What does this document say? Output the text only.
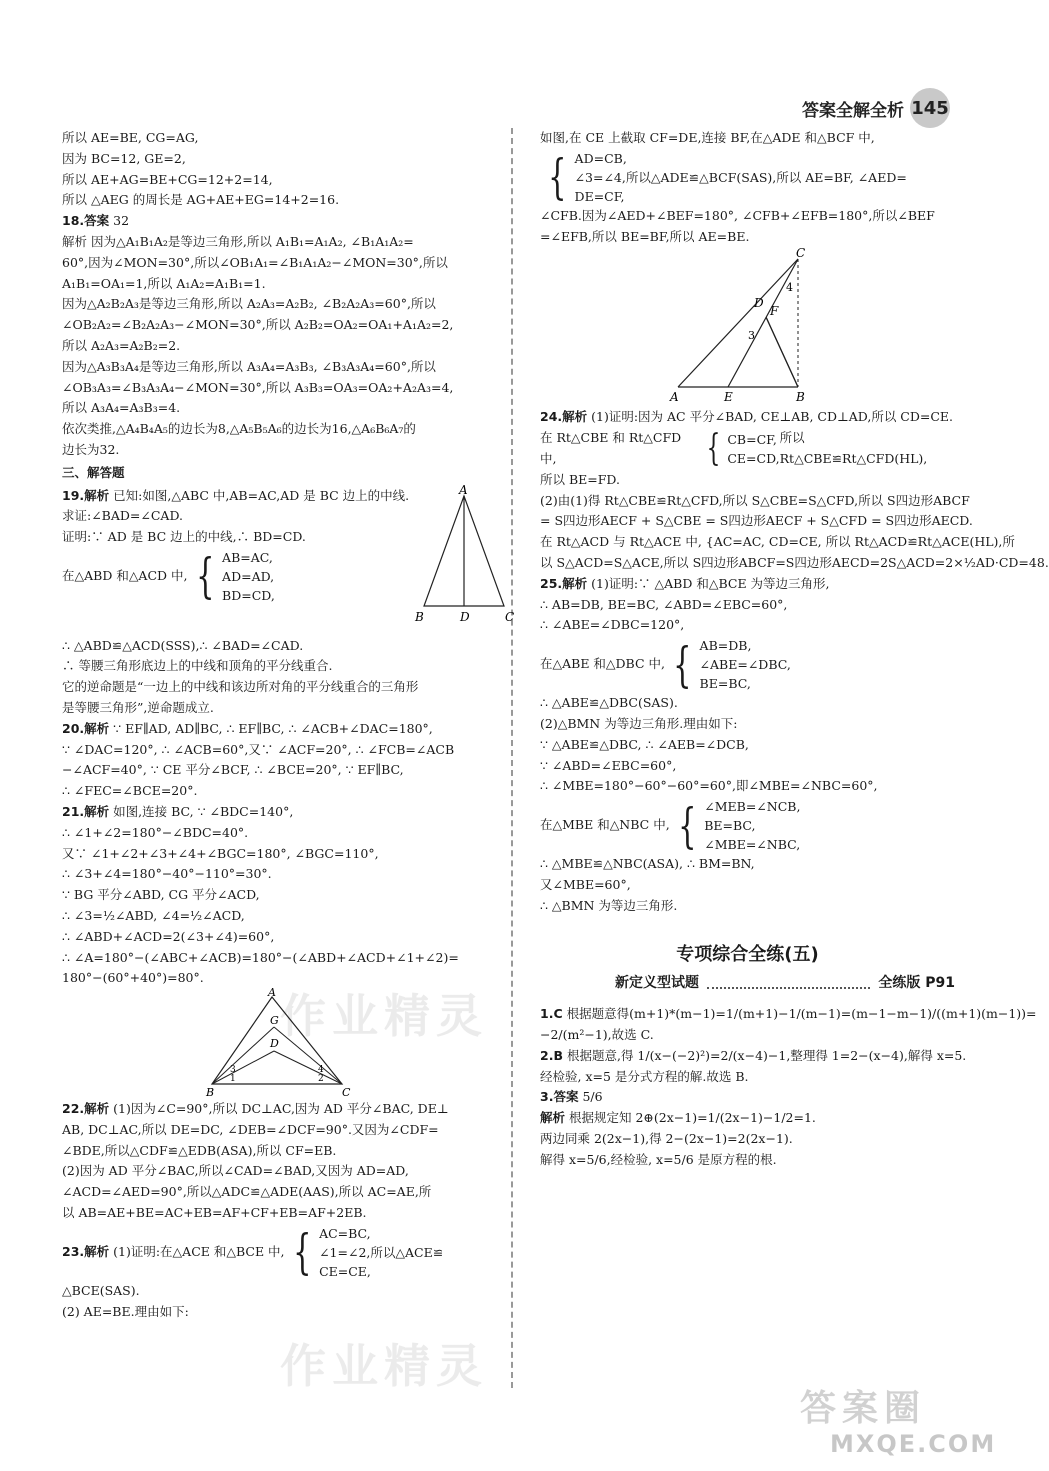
答案全解全析 145
所以 AE=BE, CG=AG,
因为 BC=12, GE=2,
所以 AE+AG=BE+CG=12+2=14,
所以 △AEG 的周长是 AG+AE+EG=14+2=16.
18.答案 32
解析 因为△A₁B₁A₂是等边三角形,所以 A₁B₁=A₁A₂, ∠B₁A₁A₂=
60°,因为∠MON=30°,所以∠OB₁A₁=∠B₁A₁A₂−∠MON=30°,所以
A₁B₁=OA₁=1,所以 A₁A₂=A₁B₁=1.
因为△A₂B₂A₃是等边三角形,所以 A₂A₃=A₂B₂, ∠B₂A₂A₃=60°,所以
∠OB₂A₂=∠B₂A₂A₃−∠MON=30°,所以 A₂B₂=OA₂=OA₁+A₁A₂=2,
所以 A₂A₃=A₂B₂=2.
因为△A₃B₃A₄是等边三角形,所以 A₃A₄=A₃B₃, ∠B₃A₃A₄=60°,所以
∠OB₃A₃=∠B₃A₃A₄−∠MON=30°,所以 A₃B₃=OA₃=OA₂+A₂A₃=4,
所以 A₃A₄=A₃B₃=4.
依次类推,△A₄B₄A₅的边长为8,△A₅B₅A₆的边长为16,△A₆B₆A₇的
边长为32.
三、解答题
19.解析 已知:如图,△ABC 中,AB=AC,AD 是 BC 边上的中线.
求证:∠BAD=∠CAD.
证明:∵ AD 是 BC 边上的中线,∴ BD=CD.
在△ABD 和△ACD 中, { AB=AC,
AD=AD,
BD=CD,
A
B	D	C
∴ △ABD≌△ACD(SSS),∴ ∠BAD=∠CAD.
∴ 等腰三角形底边上的中线和顶角的平分线重合.
它的逆命题是“一边上的中线和该边所对角的平分线重合的三角形
是等腰三角形”,逆命题成立.
20.解析 ∵ EF∥AD, AD∥BC, ∴ EF∥BC, ∴ ∠ACB+∠DAC=180°,
∵ ∠DAC=120°, ∴ ∠ACB=60°,又∵ ∠ACF=20°, ∴ ∠FCB=∠ACB
−∠ACF=40°, ∵ CE 平分∠BCF, ∴ ∠BCE=20°, ∵ EF∥BC,
∴ ∠FEC=∠BCE=20°.
21.解析 如图,连接 BC, ∵ ∠BDC=140°,
∴ ∠1+∠2=180°−∠BDC=40°.
又∵ ∠1+∠2+∠3+∠4+∠BGC=180°, ∠BGC=110°,
∴ ∠3+∠4=180°−40°−110°=30°.
∵ BG 平分∠ABD, CG 平分∠ACD,
∴ ∠3=½∠ABD, ∠4=½∠ACD,
∴ ∠ABD+∠ACD=2(∠3+∠4)=60°,
∴ ∠A=180°−(∠ABC+∠ACB)=180°−(∠ABD+∠ACD+∠1+∠2)=
180°−(60°+40°)=80°.
A
G
D
B	C
1
3
2
4
22.解析 (1)因为∠C=90°,所以 DC⊥AC,因为 AD 平分∠BAC, DE⊥
AB, DC⊥AC,所以 DE=DC, ∠DEB=∠DCF=90°.又因为∠CDF=
∠BDE,所以△CDF≌△EDB(ASA),所以 CF=EB.
(2)因为 AD 平分∠BAC,所以∠CAD=∠BAD,又因为 AD=AD,
∠ACD=∠AED=90°,所以△ADC≌△ADE(AAS),所以 AC=AE,所
以 AB=AE+BE=AC+EB=AF+CF+EB=AF+2EB.
23.解析
(1)证明:在△ACE 和△BCE 中, { AC=BC,
∠1=∠2,所以△ACE≌
CE=CE,
△BCE(SAS).
(2) AE=BE.理由如下:
如图,在 CE 上截取 CF=DE,连接 BF,在△ADE 和△BCF 中,
{ AD=CB,
∠3=∠4,所以△ADE≌△BCF(SAS),所以 AE=BF, ∠AED=
DE=CF,
∠CFB.因为∠AED+∠BEF=180°, ∠CFB+∠EFB=180°,所以∠BEF
=∠EFB,所以 BE=BF,所以 AE=BE.
A	E	B
C
D
F
3
4
24.解析 (1)证明:因为 AC 平分∠BAD, CE⊥AB, CD⊥AD,所以 CD=CE.
在 Rt△CBE 和 Rt△CFD 中,	{ CB=CF,
CE=CD,
所以 Rt△CBE≌Rt△CFD(HL),
所以 BE=FD.
(2)由(1)得 Rt△CBE≌Rt△CFD,所以 S△CBE=S△CFD,所以 S四边形ABCF
= S四边形AECF + S△CBE = S四边形AECF + S△CFD = S四边形AECD.
在 Rt△ACD 与 Rt△ACE 中, {AC=AC, CD=CE, 所以 Rt△ACD≌Rt△ACE(HL),所
以 S△ACD=S△ACE,所以 S四边形ABCF=S四边形AECD=2S△ACD=2×½AD·CD=48.
25.解析 (1)证明:∵ △ABD 和△BCE 为等边三角形,
∴ AB=DB, BE=BC, ∠ABD=∠EBC=60°,
∴ ∠ABE=∠DBC=120°,
在△ABE 和△DBC 中, { AB=DB,
∠ABE=∠DBC,
BE=BC,
∴ △ABE≌△DBC(SAS).
(2)△BMN 为等边三角形.理由如下:
∵ △ABE≌△DBC, ∴ ∠AEB=∠DCB,
∵ ∠ABD=∠EBC=60°,
∴ ∠MBE=180°−60°−60°=60°,即∠MBE=∠NBC=60°,
在△MBE 和△NBC 中, { ∠MEB=∠NCB,
BE=BC,
∠MBE=∠NBC,
∴ △MBE≌△NBC(ASA), ∴ BM=BN,
又∠MBE=60°,
∴ △BMN 为等边三角形.
专项综合全练(五)
新定义型试题	全练版 P91
1.C 根据题意得(m+1)*(m−1)=1/(m+1)−1/(m−1)=(m−1−m−1)/((m+1)(m−1))=
−2/(m²−1),故选 C.
2.B 根据题意,得 1/(x−(−2)²)=2/(x−4)−1,整理得 1=2−(x−4),解得 x=5.
经检验, x=5 是分式方程的解.故选 B.
3.答案 5/6
解析 根据规定知 2⊕(2x−1)=1/(2x−1)−1/2=1.
两边同乘 2(2x−1),得 2−(2x−1)=2(2x−1).
解得 x=5/6,经检验, x=5/6 是原方程的根.
作业精灵
作业精灵
答案圈
MXQE.COM
